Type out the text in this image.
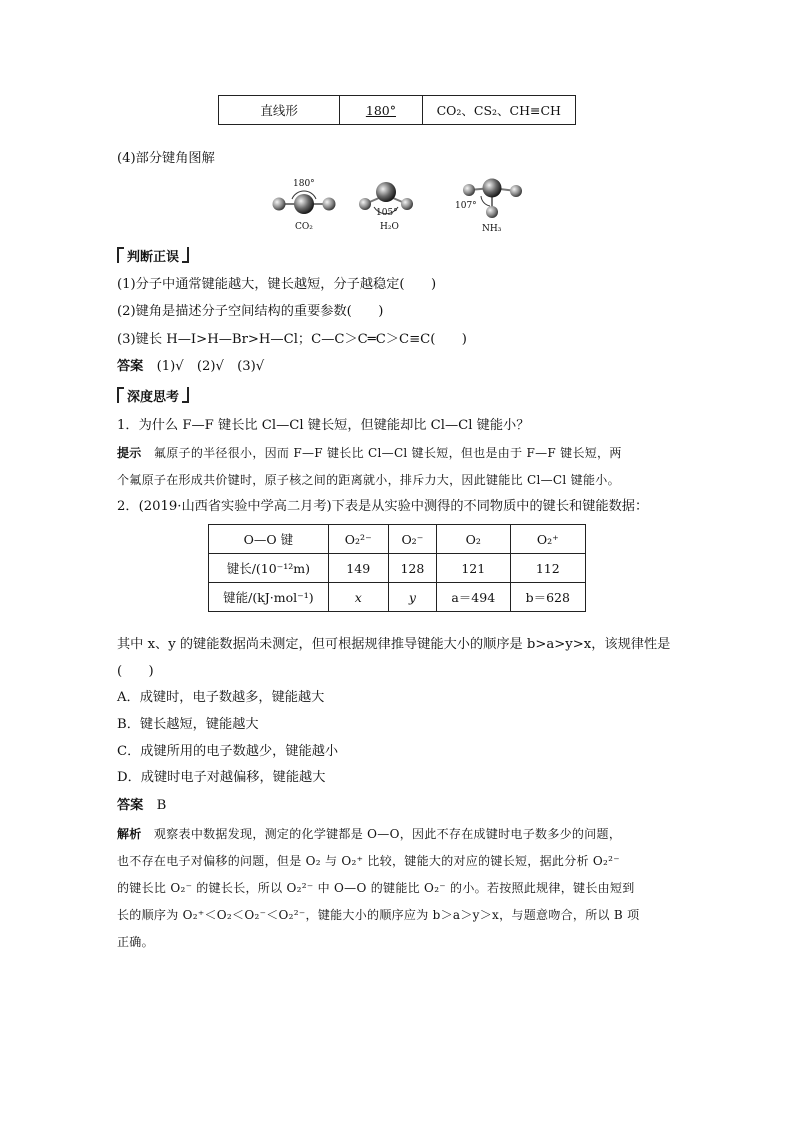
直线形	180°	CO₂、CS₂、CH≡CH
(4)部分键角图解
180°
CO₂
105°
H₂O
107°
NH₃
判断正误
(1)分子中通常键能越大，键长越短，分子越稳定(　　)
(2)键角是描述分子空间结构的重要参数(　　)
(3)键长 H—I>H—Br>H—Cl；C—C＞C═C＞C≡C(　　)
答案　 (1)√　(2)√　(3)√
深度思考
1．为什么 F—F 键长比 Cl—Cl 键长短，但键能却比 Cl—Cl 键能小？
提示　 氟原子的半径很小，因而 F—F 键长比 Cl—Cl 键长短，但也是由于 F—F 键长短，两
个氟原子在形成共价键时，原子核之间的距离就小，排斥力大，因此键能比 Cl—Cl 键能小。
2．(2019·山西省实验中学高二月考)下表是从实验中测得的不同物质中的键长和键能数据：
O—O 键	O₂²⁻	O₂⁻	O₂	O₂⁺
键长/(10⁻¹²m)	149	128	121	112
键能/(kJ·mol⁻¹)	x	y	a＝494	b＝628
其中 x、y 的键能数据尚未测定，但可根据规律推导键能大小的顺序是 b>a>y>x，该规律性是
(　　)
A．成键时，电子数越多，键能越大
B．键长越短，键能越大
C．成键所用的电子数越少，键能越小
D．成键时电子对越偏移，键能越大
答案　 B
解析　 观察表中数据发现，测定的化学键都是 O—O，因此不存在成键时电子数多少的问题，
也不存在电子对偏移的问题，但是 O₂ 与 O₂⁺ 比较，键能大的对应的键长短，据此分析 O₂²⁻
的键长比 O₂⁻ 的键长长，所以 O₂²⁻ 中 O—O 的键能比 O₂⁻ 的小。若按照此规律，键长由短到
长的顺序为 O₂⁺＜O₂＜O₂⁻＜O₂²⁻，键能大小的顺序应为 b＞a＞y＞x，与题意吻合，所以 B 项
正确。
